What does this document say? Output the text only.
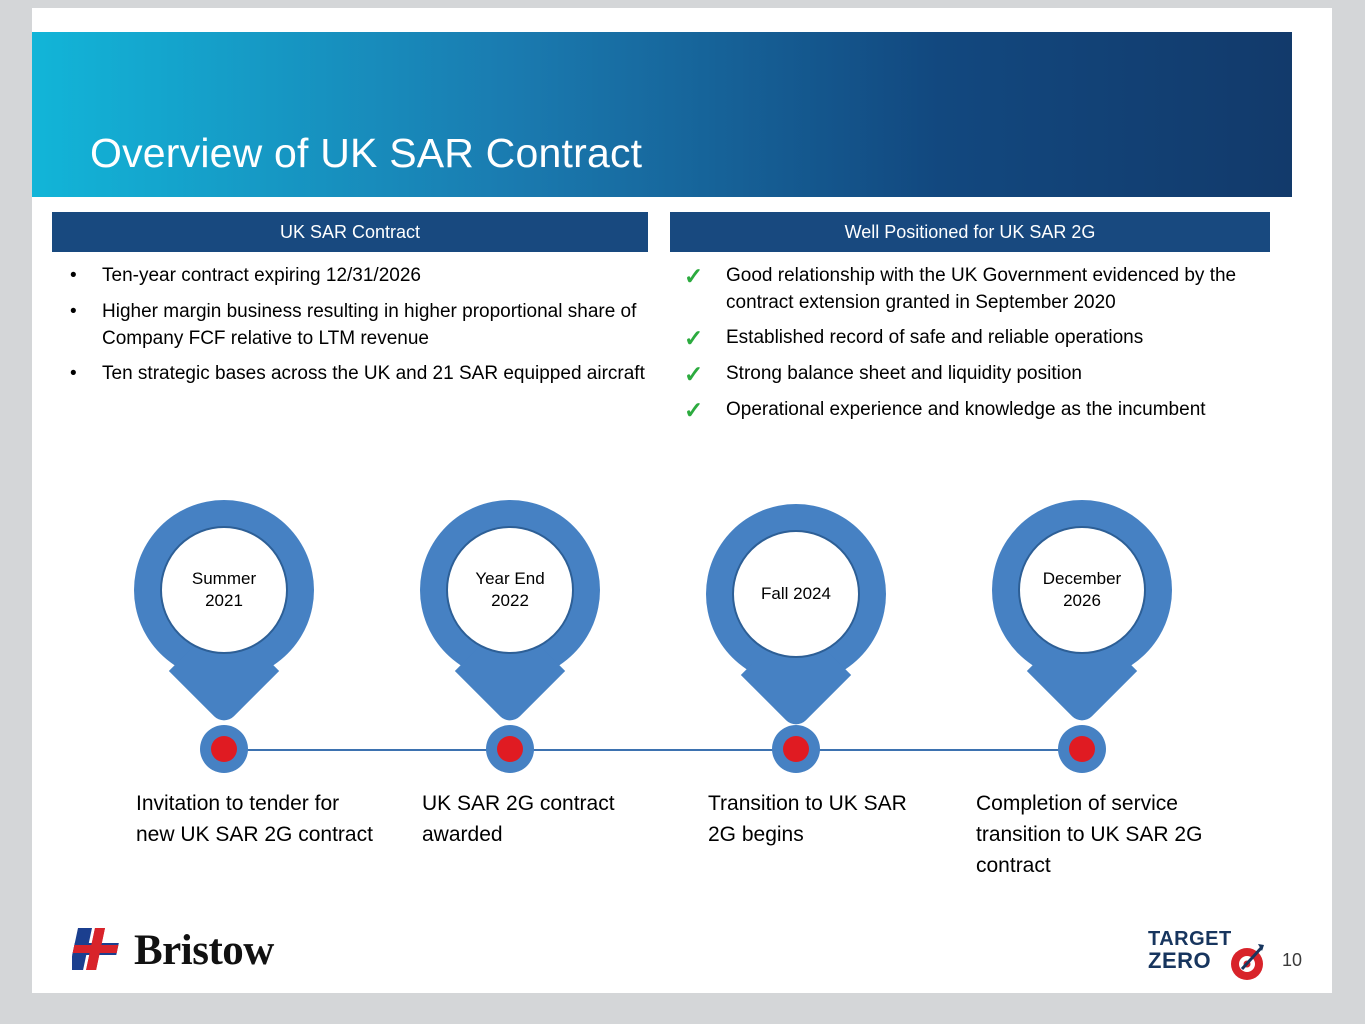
Overview of UK SAR Contract
UK SAR Contract	Well Positioned for UK SAR 2G
•	Ten-year contract expiring 12/31/2026
•	Higher margin business resulting in higher proportional share of Company FCF relative to LTM revenue
•	Ten strategic bases across the UK and 21 SAR equipped aircraft
✓	Good relationship with the UK Government evidenced by the contract extension granted in September 2020
✓	Established record of safe and reliable operations
✓	Strong balance sheet and liquidity position
✓	Operational experience and knowledge as the incumbent
Summer
2021
Invitation to tender for new UK SAR 2G contract
Year End
2022
UK SAR 2G contract awarded
Fall 2024
Transition to UK SAR 2G begins
December
2026
Completion of service transition to UK SAR 2G contract
Bristow	TARGET
ZERO	10
